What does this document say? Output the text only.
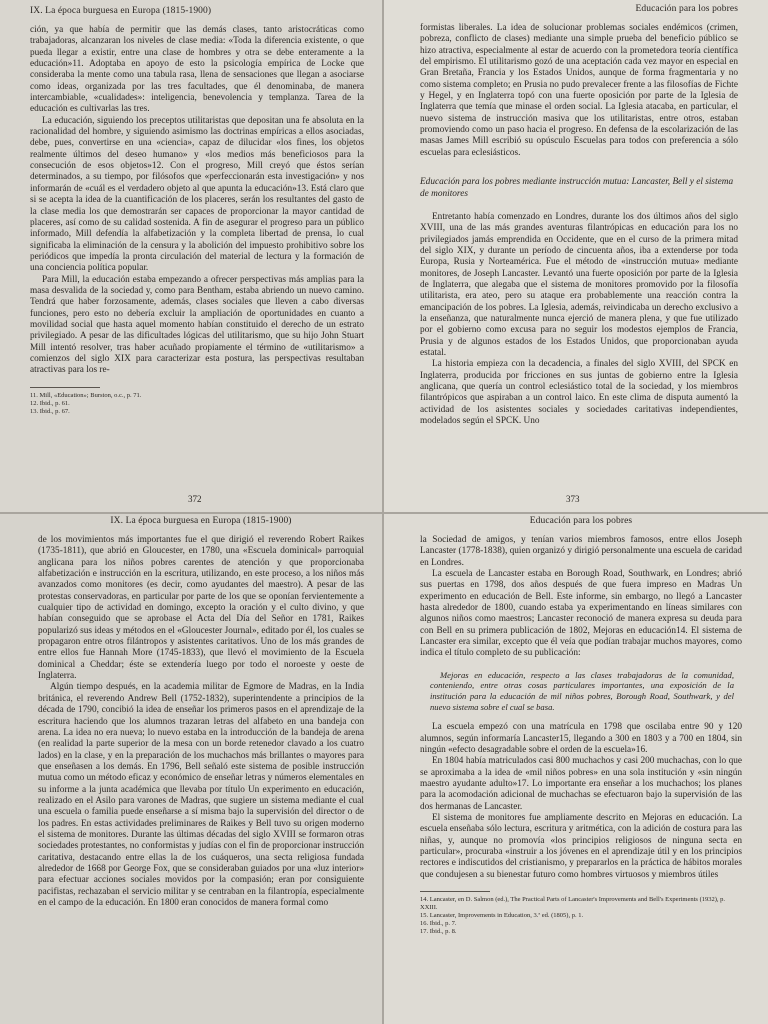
IX. La época burguesa en Europa (1815-1900)

ción, ya que había de permitir que las demás clases, tanto aristocráticas como trabajadoras, alcanzaran los niveles de clase media: «Toda la diferencia existente, o que pueda llegar a existir, entre una clase de hombres y otra se debe enteramente a la educación»11. Adoptaba en apoyo de esto la psicología empírica de Locke que consideraba la mente como una tabula rasa, llena de sensaciones que llegan a asociarse como ideas, organizada por las tres facultades, que él denominaba, de manera intercambiable, «cualidades»: inteligencia, benevolencia y templanza. Tarea de la educación es cultivarlas las tres.

La educación, siguiendo los preceptos utilitaristas que depositan una fe absoluta en la racionalidad del hombre, y siguiendo asimismo las doctrinas empíricas a ellos asociadas, debe, pues, convertirse en una «ciencia», capaz de dilucidar «los fines, los objetos realmente últimos del deseo humano» y «los medios más beneficiosos para la consecución de esos objetos»12. Con el progreso, Mill creyó que éstos serían determinados, a su tiempo, por filósofos que «perfeccionarán esta investigación» y nos informarán de «cuál es el verdadero objeto al que apunta la educación»13. Está claro que si se acepta la idea de la cuantificación de los placeres, serán los resultantes del gasto de la clase media los que demostrarán ser capaces de proporcionar la mayor cantidad de placeres, así como de su calidad sostenida. A fin de asegurar el progreso para un público informado, Mill defendía la alfabetización y la completa libertad de prensa, lo cual significaba la eliminación de la censura y la abolición del impuesto prohibitivo sobre los periódicos que impedía la pronta circulación del material de lectura y la formación de una conciencia política popular.

Para Mill, la educación estaba empezando a ofrecer perspectivas más amplias para la masa desvalida de la sociedad y, como para Bentham, estaba abriendo un nuevo camino. Tendrá que haber forzosamente, además, clases sociales que lleven a cabo diversas funciones, pero esto no debería excluir la ampliación de oportunidades en cuanto a movilidad social que hasta aquel momento habían constituido el derecho de un estrato privilegiado. A pesar de las dificultades lógicas del utilitarismo, que su hijo John Stuart Mill intentó resolver, tras haber acuñado propiamente el término de «utilitarismo» a comienzos del siglo XIX para caracterizar esta postura, las perspectivas resultaban atractivas para los re-

11. Mill, «Education»; Burston, o.c., p. 71.

12. Ibid., p. 61.

13. Ibid., p. 67.

372
Educación para los pobres

formistas liberales. La idea de solucionar problemas sociales endémicos (crimen, pobreza, conflicto de clases) mediante una simple prueba del beneficio público se hizo atractiva, especialmente al estar de acuerdo con la prometedora teoría científica del empirismo. El utilitarismo gozó de una aceptación cada vez mayor en especial en Gran Bretaña, Francia y los Estados Unidos, aunque de forma fragmentaria y no como sistema completo; en Prusia no pudo prevalecer frente a las filosofías de Fichte y Hegel, y en Inglaterra topó con una fuerte oposición por parte de la Iglesia de Inglaterra que temía que minase el orden social. La Iglesia atacaba, en particular, el nuevo sistema de instrucción masiva que los utilitaristas, entre otros, estaban promoviendo como un paso hacia el progreso. En defensa de la escolarización de las masas James Mill escribió su opúsculo Escuelas para todos con preferencia a sólo escuelas para eclesiásticos.

Educación para los pobres mediante instrucción mutua: Lancaster, Bell y el sistema de monitores

Entretanto había comenzado en Londres, durante los dos últimos años del siglo XVIII, una de las más grandes aventuras filantrópicas en educación para los no privilegiados jamás emprendida en Occidente, que en el curso de la primera mitad del siglo XIX, y durante un período de cincuenta años, iba a extenderse por toda Europa, Rusia y Norteamérica. Fue el método de «instrucción mutua» mediante monitores, de Joseph Lancaster. Levantó una fuerte oposición por parte de la Iglesia de Inglaterra, que alegaba que el sistema de monitores promovido por la filosofía utilitarista, era ateo, pero su ataque era probablemente una reacción contra la emancipación de los pobres. La Iglesia, además, reivindicaba un derecho exclusivo a la enseñanza, que naturalmente nunca ejerció de manera plena, y que fue utilizado por el gobierno como excusa para no seguir los modestos ejemplos de Francia, Prusia y de algunos estados de los Estados Unidos, que proporcionaban ayuda estatal.

La historia empieza con la decadencia, a finales del siglo XVIII, del SPCK en Inglaterra, producida por fricciones en sus juntas de gobierno entre la Iglesia anglicana, que quería un control eclesiástico total de la sociedad, y los miembros filantrópicos que aspiraban a un control laico. En este clima de disputa aumentó la actividad de los asistentes sociales y sociedades caritativas independientes, modelados según el SPCK. Uno

373
IX. La época burguesa en Europa (1815-1900)

de los movimientos más importantes fue el que dirigió el reverendo Robert Raikes (1735-1811), que abrió en Gloucester, en 1780, una «Escuela dominical» parroquial anglicana para los niños pobres carentes de atención y que proporcionaba alfabetización e instrucción en la escritura, utilizando, en este proceso, a los niños más avanzados como monitores (es decir, como ayudantes del maestro). A pesar de las protestas conservadoras, en particular por parte de los que se oponían fervientemente a cualquier tipo de actividad en domingo, excepto la oración y el culto divino, y que habían conseguido que se aprobase el Acta del Día del Señor en 1781, Raikes popularizó sus ideas y métodos en el «Gloucester Journal», editado por él, los cuales se propagaron entre otros filántropos y asistentes caritativos. Uno de los más grandes de entre ellos fue Hannah More (1745-1833), que llevó el movimiento de la Escuela dominical a Cheddar; éste se extendería luego por todo el noroeste y oeste de Inglaterra.

Algún tiempo después, en la academia militar de Egmore de Madras, en la India británica, el reverendo Andrew Bell (1752-1832), superintendente a principios de la década de 1790, concibió la idea de enseñar los primeros pasos en el aprendizaje de la escritura haciendo que los alumnos trazaran letras del alfabeto en una bandeja con arena. La idea no era nueva; lo nuevo estaba en la introducción de la bandeja de arena (en realidad la parte superior de la mesa con un borde retenedor clavado a los cuatro lados) en la clase, y en la preparación de los muchachos más brillantes o mayores para que enseñasen a los demás. En 1796, Bell señaló este sistema de posible instrucción mutua como un método eficaz y económico de enseñar letras y números elementales en su informe a la junta académica que llevaba por título Un experimento en educación, realizado en el Asilo para varones de Madras, que sugiere un sistema mediante el cual una escuela o familia puede enseñarse a sí misma bajo la supervisión del director o de los padres. En estas actividades preliminares de Raikes y Bell tuvo su origen moderno el sistema de monitores. Durante las últimas décadas del siglo XVIII se formaron otras sociedades protestantes, no conformistas y judías con el fin de proporcionar instrucción caritativa, destacando entre ellas la de los cuáqueros, una secta religiosa fundada alrededor de 1668 por George Fox, que se consideraban guiados por una «luz interior» para efectuar acciones sociales movidos por la compasión; eran por consiguiente pacifistas, rechazaban el servicio militar y se centraban en la filantropía, especialmente en el campo de la educación. En 1800 eran conocidos de manera formal como

Educación para los pobres

la Sociedad de amigos, y tenían varios miembros famosos, entre ellos Joseph Lancaster (1778-1838), quien organizó y dirigió personalmente una escuela de caridad en Londres.

La escuela de Lancaster estaba en Borough Road, Southwark, en Londres; abrió sus puertas en 1798, dos años después de que fuera impreso en Madras Un experimento en educación de Bell. Este informe, sin embargo, no llegó a Lancaster hasta alrededor de 1800, cuando estaba ya experimentando en líneas similares con algunos niños como maestros; Lancaster reconoció de manera expresa su deuda para con Bell en su primera publicación de 1802, Mejoras en educación14. El sistema de Lancaster era similar, excepto que él veía que podían trabajar muchos mayores, como indica el título completo de su publicación:

Mejoras en educación, respecto a las clases trabajadoras de la comunidad, conteniendo, entre otras cosas particulares importantes, una exposición de la institución para la educación de mil niños pobres, Borough Road, Southwark, y del nuevo sistema sobre el cual se basa.

La escuela empezó con una matrícula en 1798 que oscilaba entre 90 y 120 alumnos, según informaría Lancaster15, llegando a 300 en 1803 y a 700 en 1804, sin ningún «efecto desagradable sobre el orden de la escuela»16.

En 1804 había matriculados casi 800 muchachos y casi 200 muchachas, con lo que se aproximaba a la idea de «mil niños pobres» en una sola institución y «sin ningún maestro ayudante adulto»17. Lo importante era enseñar a los muchachos; los planes para la acomodación adicional de muchachas se efectuaron bajo la supervisión de las dos hermanas de Lancaster.

El sistema de monitores fue ampliamente descrito en Mejoras en educación. La escuela enseñaba sólo lectura, escritura y aritmética, con la adición de costura para las niñas, y, aunque no promovía «los principios religiosos de ninguna secta en particular», procuraba «instruir a los jóvenes en el aprendizaje útil y en los principios rectores e indiscutidos del cristianismo, y prepararlos en la práctica de hábitos morales que condujesen a su bienestar futuro como hombres virtuosos y miembros útiles

14. Lancaster, en D. Salmon (ed.), The Practical Parts of Lancaster's Improvements and Bell's Experiments (1932), p. XXIII.

15. Lancaster, Improvements in Education, 3.ª ed. (1805), p. 1.

16. Ibid., p. 7.

17. Ibid., p. 8.
